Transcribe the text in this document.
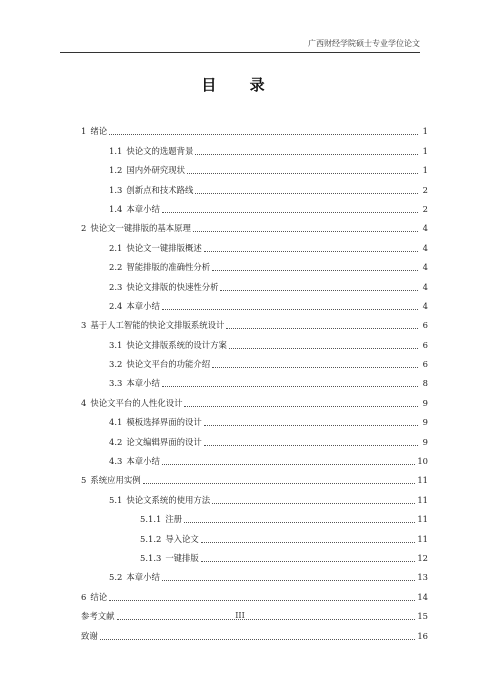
广西财经学院硕士专业学位论文
目 录
1 绪论	1
1.1 快论文的选题背景	1
1.2 国内外研究现状	1
1.3 创新点和技术路线	2
1.4 本章小结	2
2 快论文一键排版的基本原理	4
2.1 快论文一键排版概述	4
2.2 智能排版的准确性分析	4
2.3 快论文排版的快速性分析	4
2.4 本章小结	4
3 基于人工智能的快论文排版系统设计	6
3.1 快论文排版系统的设计方案	6
3.2 快论文平台的功能介绍	6
3.3 本章小结	8
4 快论文平台的人性化设计	9
4.1 模板选择界面的设计	9
4.2 论文编辑界面的设计	9
4.3 本章小结	10
5 系统应用实例	11
5.1 快论文系统的使用方法	11
5.1.1 注册	11
5.1.2 导入论文	11
5.1.3 一键排版	12
5.2 本章小结	13
6 结论	14
参考文献	15
致谢	16
III
